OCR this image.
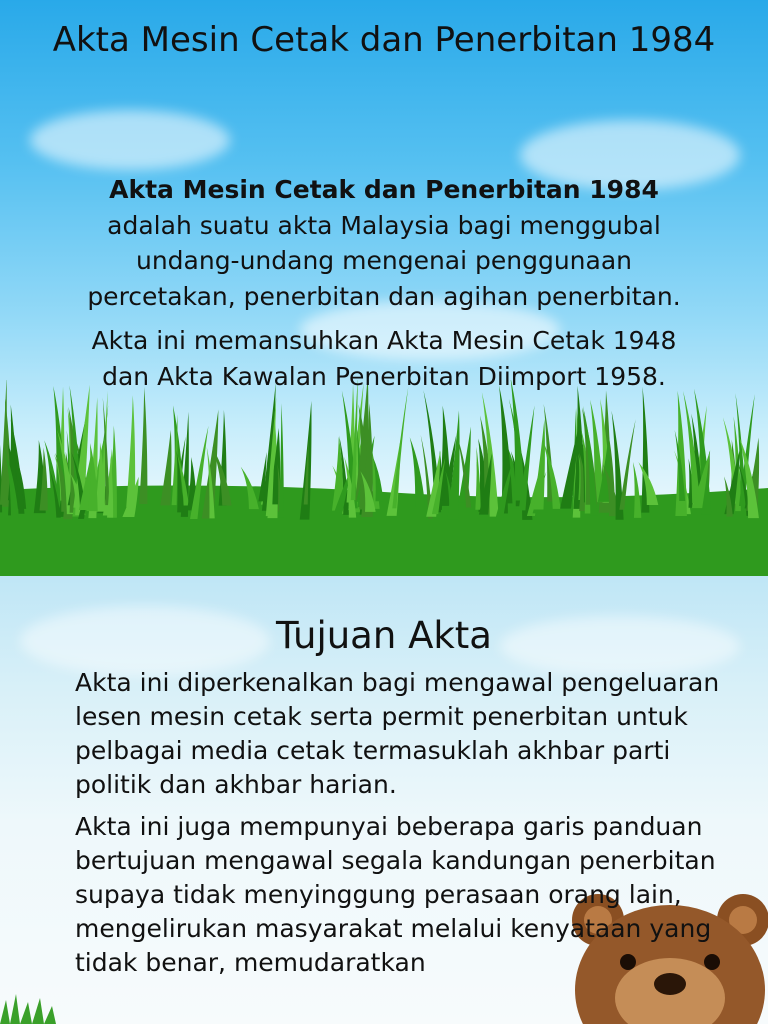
Akta Mesin Cetak dan Penerbitan 1984

Akta Mesin Cetak dan Penerbitan 1984 adalah suatu akta Malaysia bagi menggubal undang-undang mengenai penggunaan percetakan, penerbitan dan agihan penerbitan.

Akta ini memansuhkan Akta Mesin Cetak 1948 dan Akta Kawalan Penerbitan Diimport 1958.

Tujuan Akta

Akta ini diperkenalkan bagi mengawal pengeluaran lesen mesin cetak serta permit penerbitan untuk pelbagai media cetak termasuklah akhbar parti politik dan akhbar harian.

Akta ini juga mempunyai beberapa garis panduan bertujuan mengawal segala kandungan penerbitan supaya tidak menyinggung perasaan orang lain, mengelirukan masyarakat melalui kenyataan yang tidak benar, memudaratkan
